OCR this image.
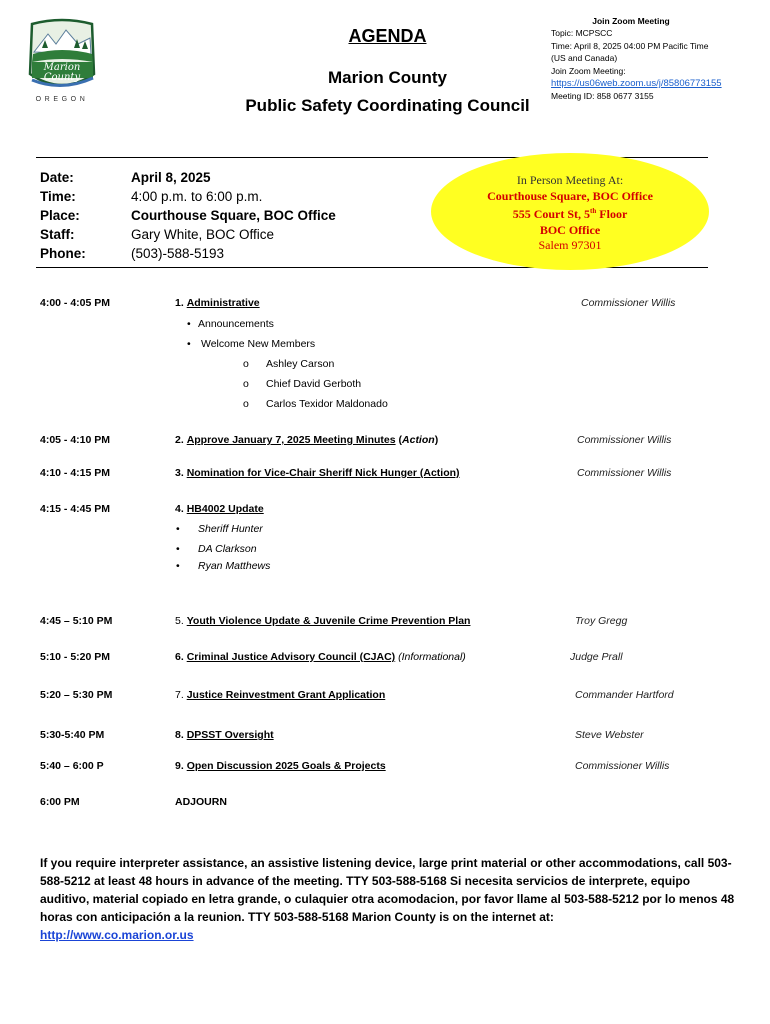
Marion
County
OREGON
AGENDA
Marion County
Public Safety Coordinating Council
Join Zoom Meeting
Topic: MCPSCC
Time: April 8, 2025 04:00 PM Pacific Time
(US and Canada)
Join Zoom Meeting:
https://us06web.zoom.us/j/85806773155
Meeting ID: 858 0677 3155
Date:	April 8, 2025
Time:	4:00 p.m. to 6:00 p.m.
Place:	Courthouse Square, BOC Office
Staff:	Gary White, BOC Office
Phone:	(503)-588-5193
In Person Meeting At:
Courthouse Square, BOC Office
555 Court St, 5th Floor
BOC Office
Salem 97301
4:00 - 4:05 PM	1. Administrative	Commissioner Willis
• Announcements
• Welcome New Members
o Ashley Carson
o Chief David Gerboth
o Carlos Texidor Maldonado
4:05 - 4:10 PM	2. Approve January 7, 2025 Meeting Minutes (Action)	Commissioner Willis
4:10 - 4:15 PM	3. Nomination for Vice-Chair Sheriff Nick Hunger (Action)	Commissioner Willis
4:15 - 4:45 PM	4. HB4002 Update
• Sheriff Hunter
• DA Clarkson
• Ryan Matthews
4:45 – 5:10 PM	5. Youth Violence Update & Juvenile Crime Prevention Plan	Troy Gregg
5:10 - 5:20 PM	6. Criminal Justice Advisory Council (CJAC) (Informational)	Judge Prall
5:20 – 5:30 PM	7. Justice Reinvestment Grant Application	Commander Hartford
5:30-5:40 PM	8. DPSST Oversight	Steve Webster
5:40 – 6:00 P	9. Open Discussion 2025 Goals & Projects	Commissioner Willis
6:00 PM	ADJOURN
If you require interpreter assistance, an assistive listening device, large print material or other accommodations, call 503-588-5212 at least 48 hours in advance of the meeting. TTY 503-588-5168 Si necesita servicios de interprete, equipo auditivo, material copiado en letra grande, o culaquier otra acomodacion, por favor llame al 503-588-5212 por lo menos 48 horas con anticipación a la reunion. TTY 503-588-5168 Marion County is on the internet at:
http://www.co.marion.or.us
